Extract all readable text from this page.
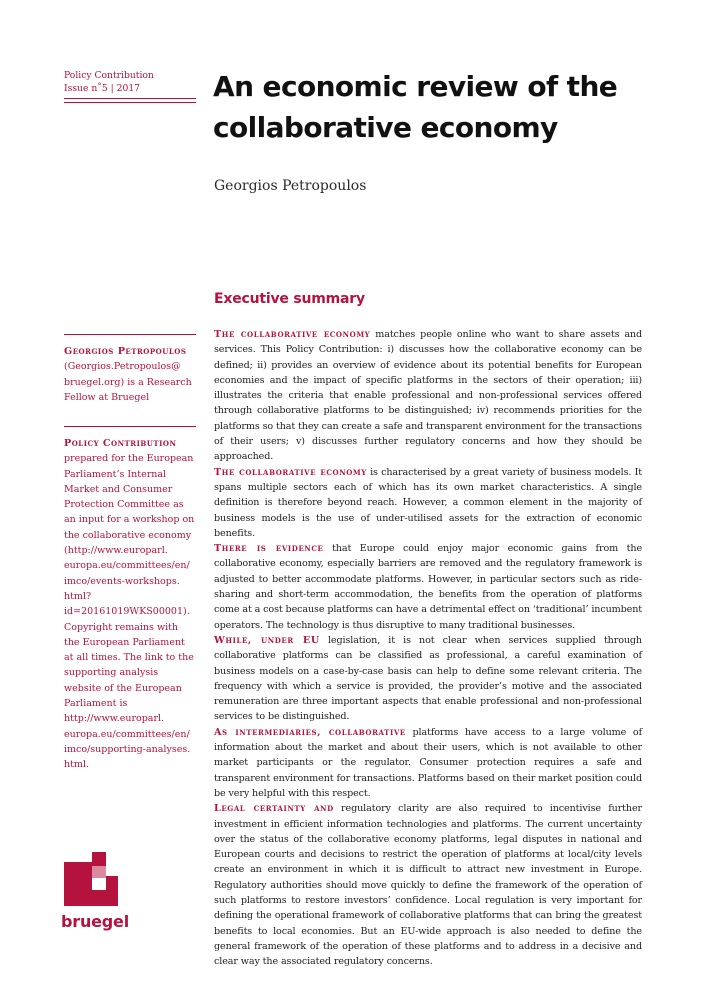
Policy Contribution
Issue n˚5 | 2017	An economic review of the collaborative economy
Georgios Petropoulos
Executive summary
Georgios Petropoulos (Georgios.Petropoulos@ bruegel.org) is a Research Fellow at Bruegel
Policy Contribution prepared for the European Parliament’s Internal Market and Consumer Protection Committee as an input for a workshop on the collaborative economy (http://www.europarl. europa.eu/committees/en/ imco/events-workshops. html?id=20161019WKS00001). Copyright remains with the European Parliament at all times. The link to the supporting analysis website of the European Parliament is http://www.europarl. europa.eu/committees/en/ imco/supporting-analyses. html.

The collaborative economy matches people online who want to share assets and services. This Policy Contribution: i) discusses how the collaborative economy can be defined; ii) provides an overview of evidence about its potential benefits for European economies and the impact of specific platforms in the sectors of their operation; iii) illustrates the criteria that enable professional and non-professional services offered through collaborative platforms to be distinguished; iv) recommends priorities for the platforms so that they can create a safe and transparent environment for the transactions of their users; v) discusses further regulatory concerns and how they should be approached.

The collaborative economy is characterised by a great variety of business models. It spans multiple sectors each of which has its own market characteristics. A single definition is therefore beyond reach. However, a common element in the majority of business models is the use of under-utilised assets for the extraction of economic benefits.

There is evidence that Europe could enjoy major economic gains from the collaborative economy, especially barriers are removed and the regulatory framework is adjusted to better accommodate platforms. However, in particular sectors such as ride-sharing and short-term accommodation, the benefits from the operation of platforms come at a cost because platforms can have a detrimental effect on ‘traditional’ incumbent operators. The technology is thus disruptive to many traditional businesses.

While, under EU legislation, it is not clear when services supplied through collaborative platforms can be classified as professional, a careful examination of business models on a case-by-case basis can help to define some relevant criteria. The frequency with which a service is provided, the provider’s motive and the associated remuneration are three important aspects that enable professional and non-professional services to be distinguished.

As intermediaries, collaborative platforms have access to a large volume of information about the market and about their users, which is not available to other market participants or the regulator. Consumer protection requires a safe and transparent environment for transactions. Platforms based on their market position could be very helpful with this respect.

Legal certainty and regulatory clarity are also required to incentivise further investment in efficient information technologies and platforms. The current uncertainty over the status of the collaborative economy platforms, legal disputes in national and European courts and decisions to restrict the operation of platforms at local/city levels create an environment in which it is difficult to attract new investment in Europe. Regulatory authorities should move quickly to define the framework of the operation of such platforms to restore investors’ confidence. Local regulation is very important for defining the operational framework of collaborative platforms that can bring the greatest benefits to local economies. But an EU-wide approach is also needed to define the general framework of the operation of these platforms and to address in a decisive and clear way the associated regulatory concerns.

bruegel
